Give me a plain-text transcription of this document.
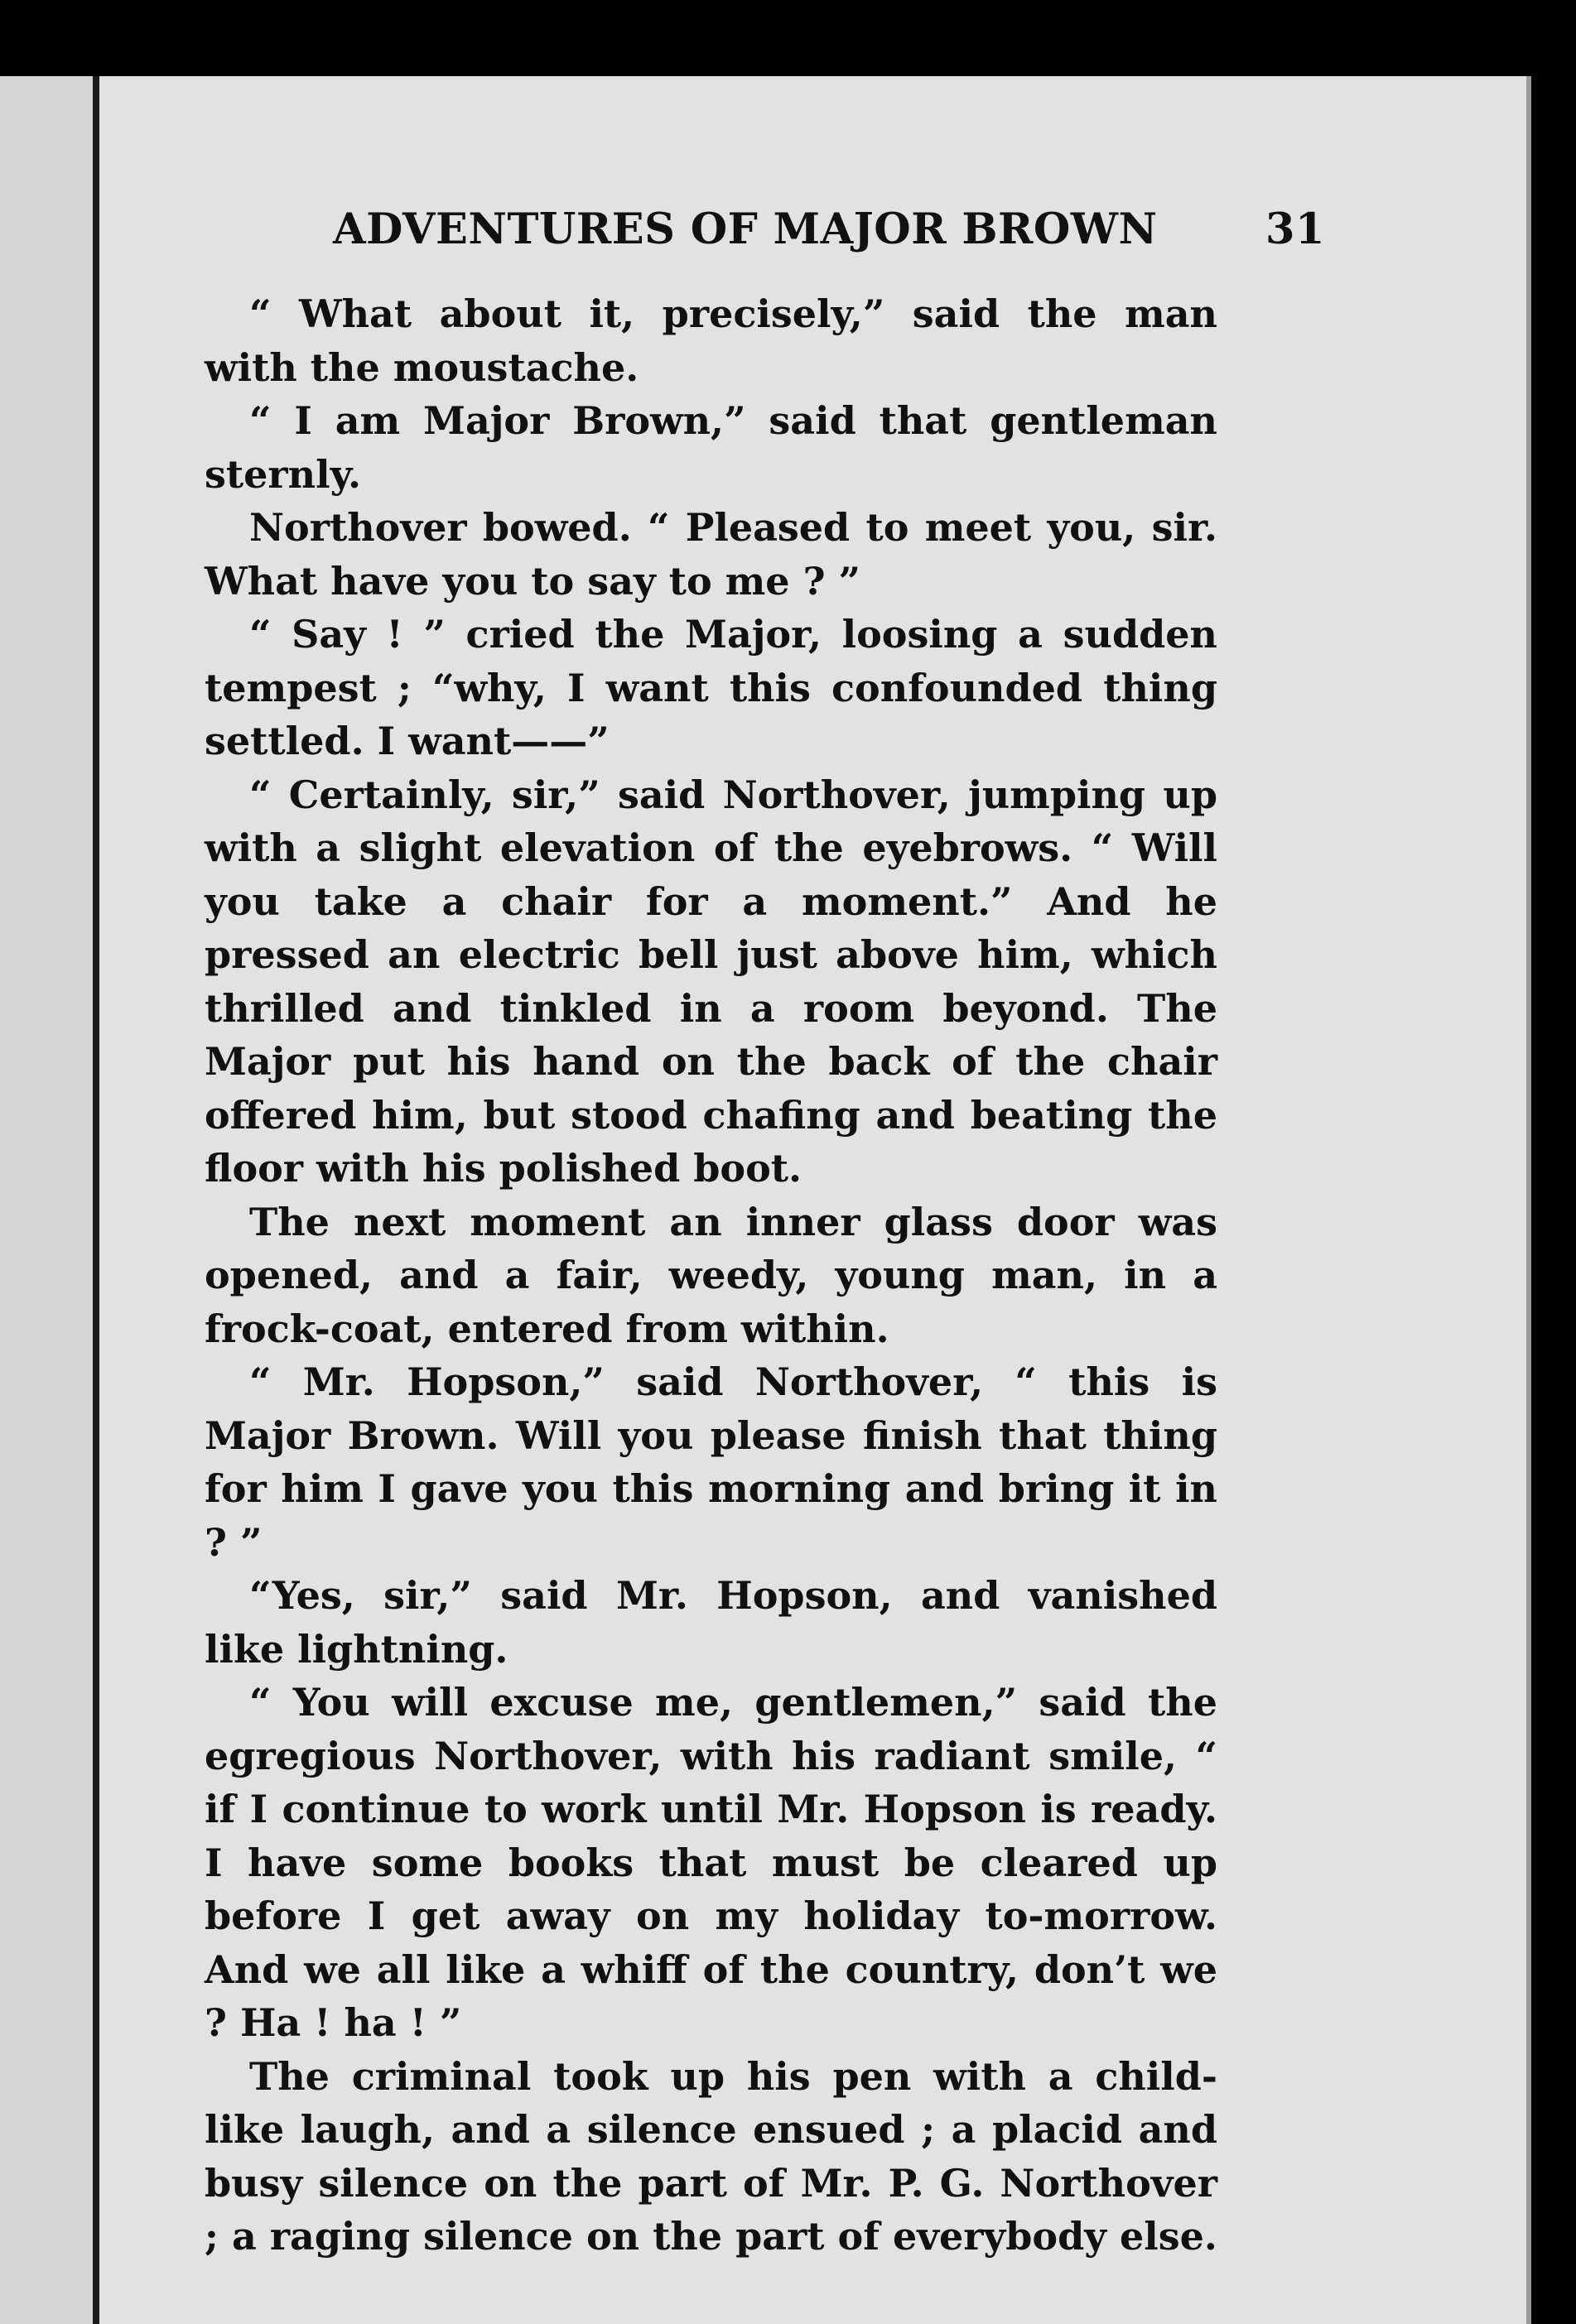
ADVENTURES OF MAJOR BROWN	31

“ What about it, precisely,” said the man with the moustache.

“ I am Major Brown,” said that gentleman sternly.

Northover bowed. “ Pleased to meet you, sir. What have you to say to me ? ”

“ Say ! ” cried the Major, loosing a sudden tempest ; “why, I want this confounded thing settled. I want——”

“ Certainly, sir,” said Northover, jumping up with a slight elevation of the eyebrows. “ Will you take a chair for a moment.” And he pressed an electric bell just above him, which thrilled and tinkled in a room beyond. The Major put his hand on the back of the chair offered him, but stood chafing and beating the floor with his polished boot.

The next moment an inner glass door was opened, and a fair, weedy, young man, in a frock-coat, entered from within.

“ Mr. Hopson,” said Northover, “ this is Major Brown. Will you please finish that thing for him I gave you this morning and bring it in ? ”

“Yes, sir,” said Mr. Hopson, and vanished like lightning.

“ You will excuse me, gentlemen,” said the egregious Northover, with his radiant smile, “ if I continue to work until Mr. Hopson is ready. I have some books that must be cleared up before I get away on my holiday to-morrow. And we all like a whiff of the country, don’t we ? Ha ! ha ! ”

The criminal took up his pen with a child-like laugh, and a silence ensued ; a placid and busy silence on the part of Mr. P. G. Northover ; a raging silence on the part of everybody else.
